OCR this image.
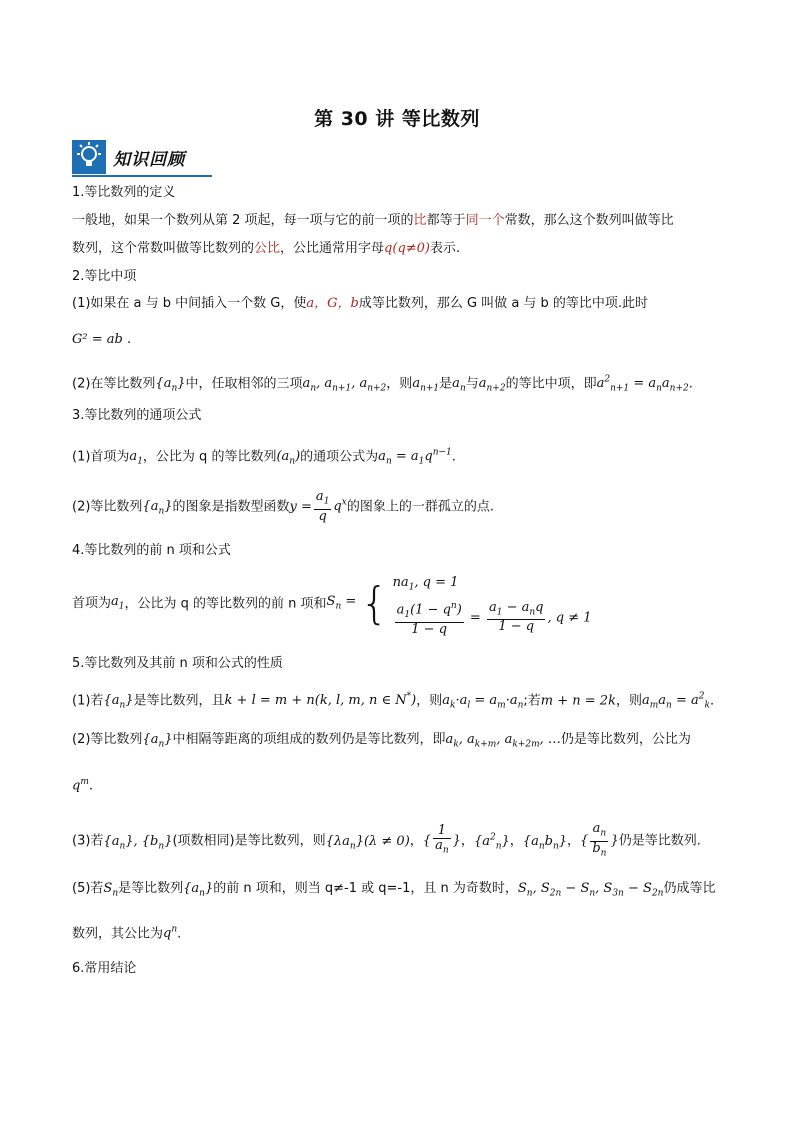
第 30 讲 等比数列
知识回顾
1.等比数列的定义
一般地，如果一个数列从第 2 项起，每一项与它的前一项的比都等于同一个常数，那么这个数列叫做等比
数列，这个常数叫做等比数列的公比，公比通常用字母q(q≠0)表示.
2.等比中项
(1)如果在 a 与 b 中间插入一个数 G，使a，G，b成等比数列，那么 G 叫做 a 与 b 的等比中项.此时
G² = ab .
(2)在等比数列$\{a_n\}$中，任取相邻的三项$a_n$, $a_{n+1}$, $a_{n+2}$，则$a_{n+1}$是$a_n$与$a_{n+2}$的等比中项，即$a^2_{n+1} = a_na_{n+2}$.
3.等比数列的通项公式
(1)首项为$a_1$，公比为 q 的等比数列$(a_n)$的通项公式为$a_n = a_1q^{n-1}$.
(2)等比数列$\{a_n\}$的图象是指数型函数$y = \frac{a_1}{q} q^x$的图象上的一群孤立的点.
4.等比数列的前 n 项和公式
首项为$a_1$，公比为 q 的等比数列的前 n 项和$S_n$ = { $na_1$, q = 1
$\frac{a_1(1 - q^n)}{1 - q} = \frac{a_1 - a_nq}{1 - q}$ , q ≠ 1
5.等比数列及其前 n 项和公式的性质
(1)若$\{a_n\}$是等比数列，且k + l = m + n(k, l, m, n ∈ N*)，则$a_k\cdot a_l = a_m\cdot a_n$;若m + n = 2k，则$a_ma_n = a^2_k$.
(2)等比数列$\{a_n\}$中相隔等距离的项组成的数列仍是等比数列，即$a_k$, $a_{k+m}$, $a_{k+2m}$, …仍是等比数列，公比为
$q^m$.
(3)若$\{a_n\}$, $\{b_n\}$(项数相同)是等比数列，则$\{\lambda a_n\}(\lambda \ne 0)$，{ $\frac{1}{a_n}$ }，$\{a^2_n\}$，$\{a_nb_n\}$，{ $\frac{a_n}{b_n}$ }仍是等比数列.
(5)若$S_n$是等比数列$\{a_n\}$的前 n 项和，则当 q≠-1 或 q=-1，且 n 为奇数时，$S_n$, $S_{2n} - S_n$, $S_{3n} - S_{2n}$仍成等比
数列，其公比为$q^n$.
6.常用结论
